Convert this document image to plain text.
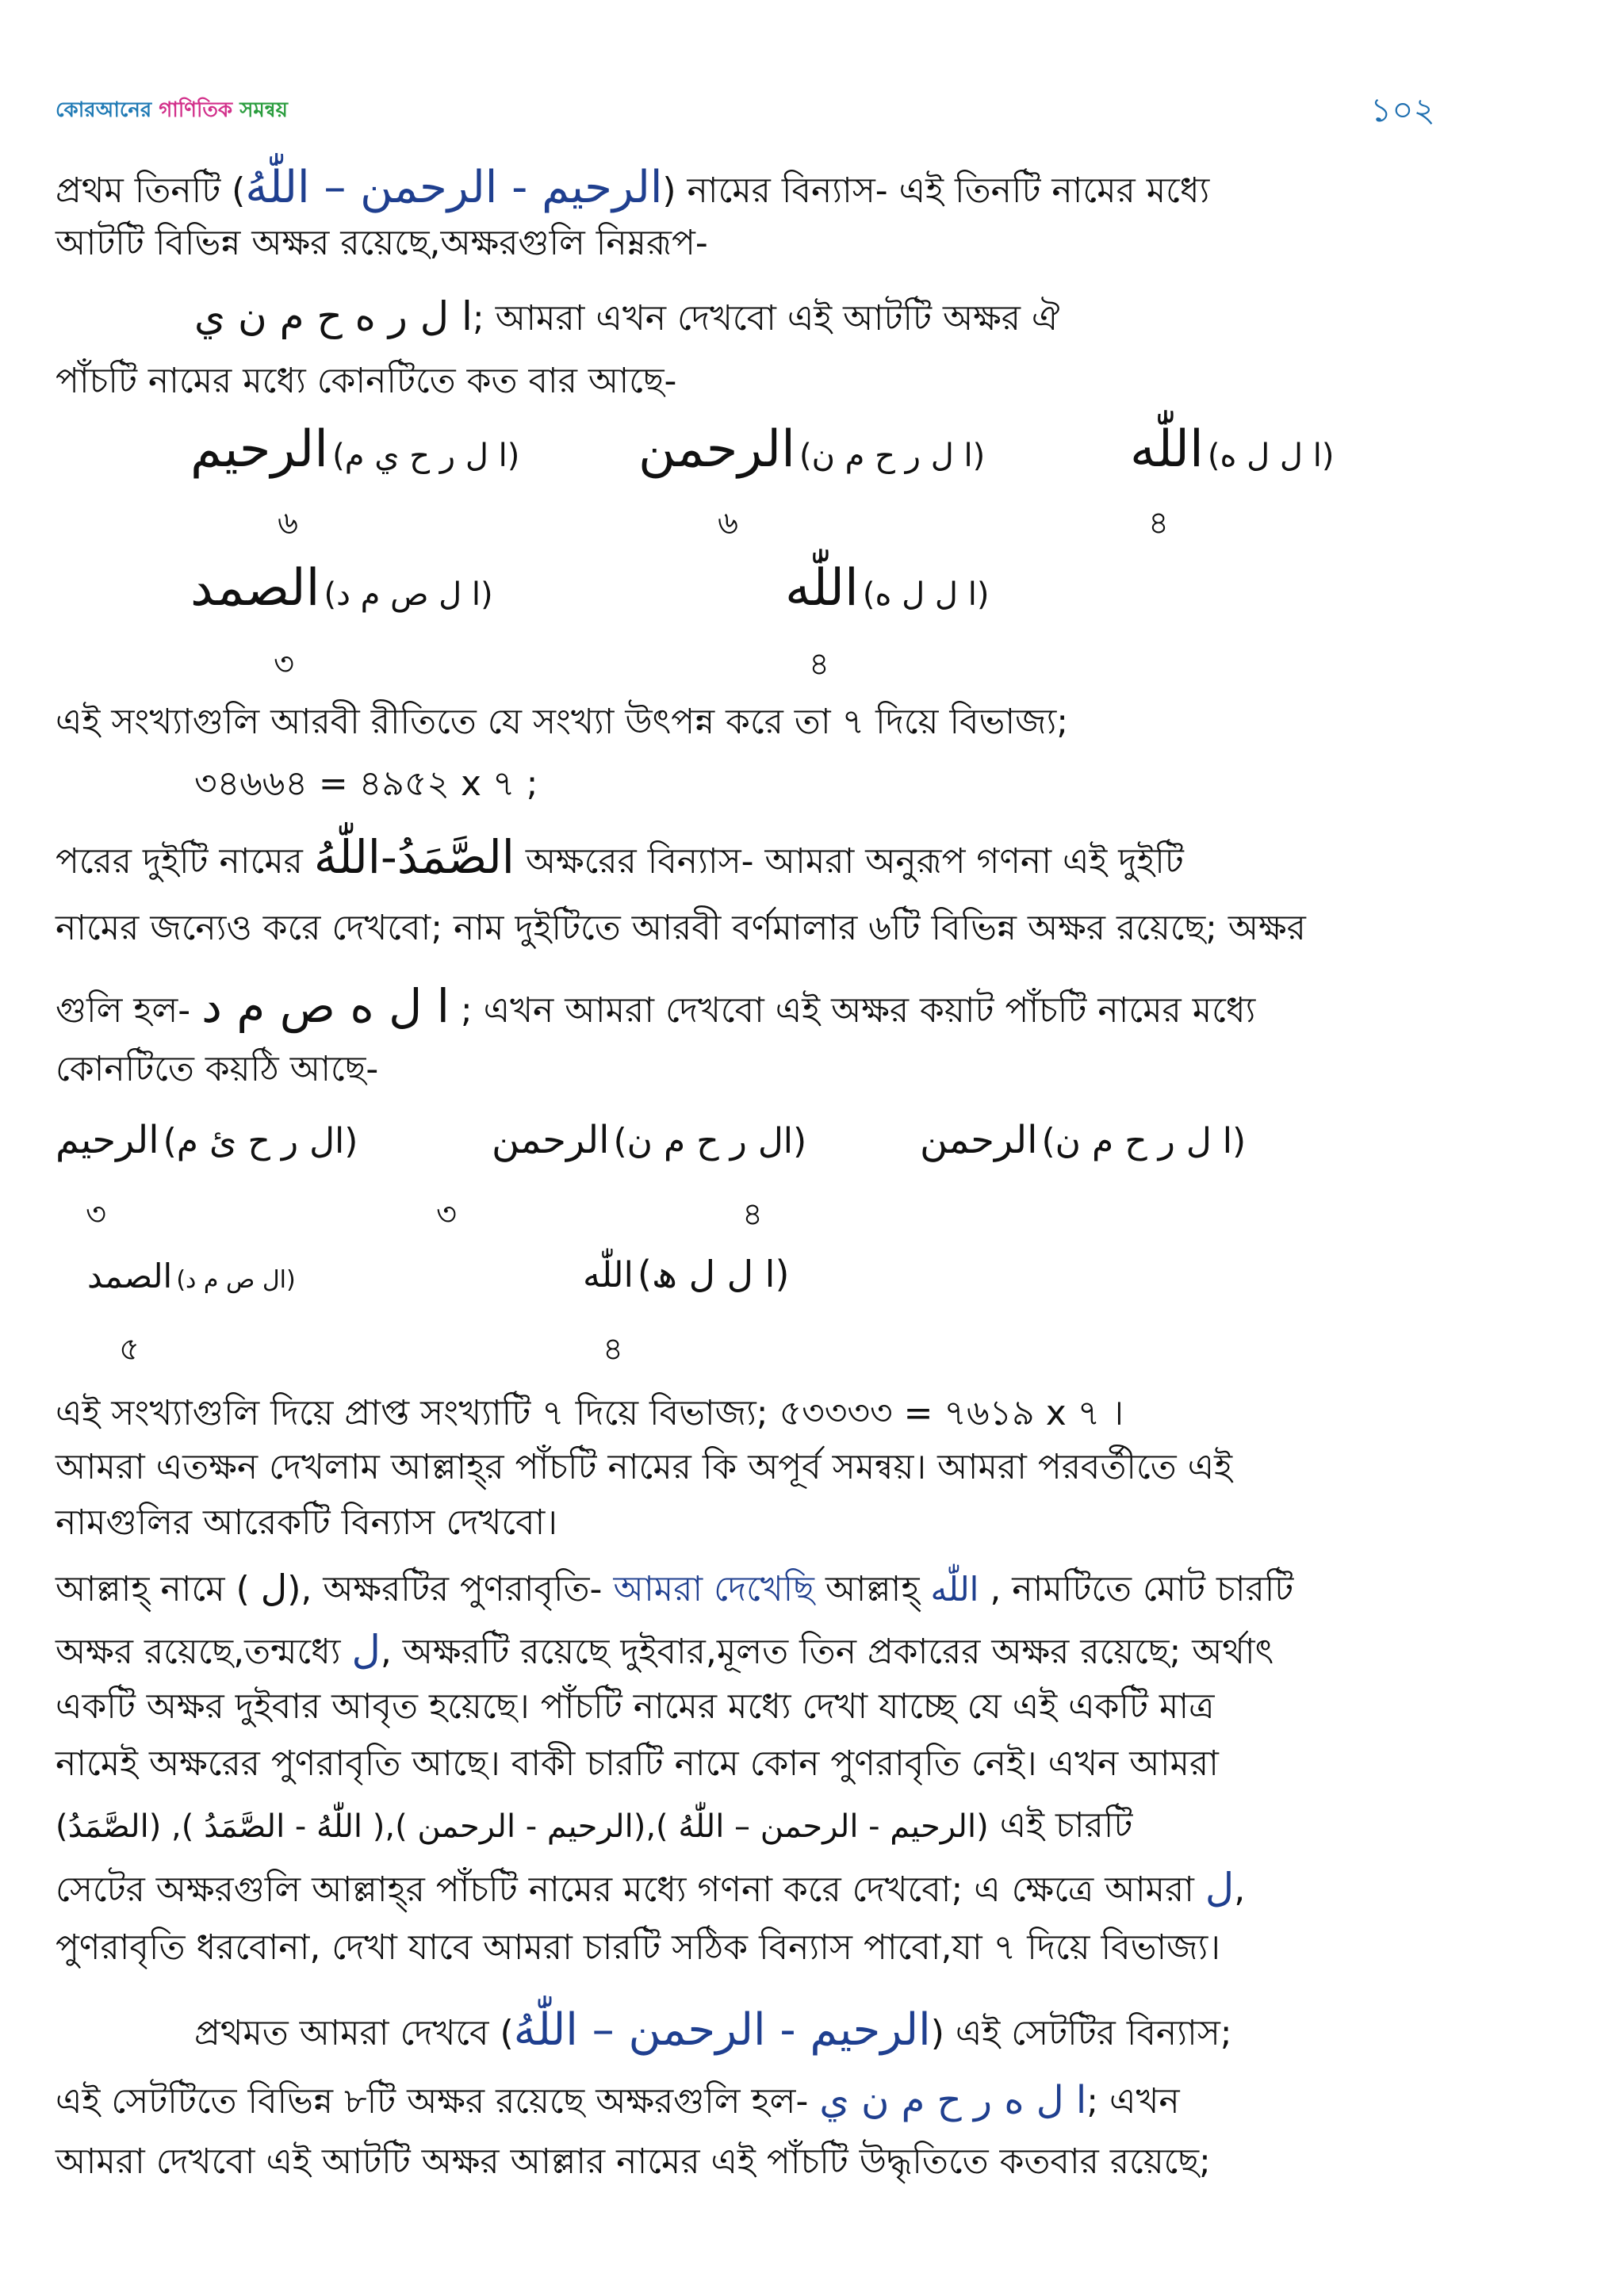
কোরআনের গাণিতিক সমন্বয়	১০২
প্রথম তিনটি (الرحيم - الرحمن – اللّٰهُ) নামের বিন্যাস- এই তিনটি নামের মধ্যে
আটটি বিভিন্ন অক্ষর রয়েছে,অক্ষরগুলি নিম্নরূপ-
ا ل ر ه ح م ن ي; আমরা এখন দেখবো এই আটটি অক্ষর ঐ
পাঁচটি নামের মধ্যে কোনটিতে কত বার আছে-
الرحيم (ا ل ر ح ي م)
৬
الرحمن (ا ل ر ح م ن)
৬
اللّٰه (ا ل ل ه)
৪
الصمد (ا ل ص م د)
৩
اللّٰه (ا ل ل ه)
৪
এই সংখ্যাগুলি আরবী রীতিতে যে সংখ্যা উৎপন্ন করে তা ৭ দিয়ে বিভাজ্য;
৩৪৬৬৪ = ৪৯৫২ x ৭ ;
পরের দুইটি নামের الصَّمَدُ-اللّٰهُ অক্ষরের বিন্যাস- আমরা অনুরূপ গণনা এই দুইটি
নামের জন্যেও করে দেখবো; নাম দুইটিতে আরবী বর্ণমালার ৬টি বিভিন্ন অক্ষর রয়েছে; অক্ষর
গুলি হল- ا ل ه ص م د ; এখন আমরা দেখবো এই অক্ষর কয়াট পাঁচটি নামের মধ্যে
কোনটিতে কয়ঠি আছে-
الرحيم (ال ر ح ئ م)
৩
الرحمن (ال ر ح م ن)
৩
الرحمن (ا ل ر ح م ن)
৪
الصمد (ال ص م د)
৫
اللّٰه (ا ل ل ھ)
৪
এই সংখ্যাগুলি দিয়ে প্রাপ্ত সংখ্যাটি ৭ দিয়ে বিভাজ্য; ৫৩৩৩৩ = ৭৬১৯ x ৭ ।
আমরা এতক্ষন দেখলাম আল্লাহ্‌র পাঁচটি নামের কি অপূর্ব সমন্বয়। আমরা পরবর্তীতে এই
নামগুলির আরেকটি বিন্যাস দেখবো।
আল্লাহ্‌ নামে ( ل), অক্ষরটির পুণরাবৃতি- আমরা দেখেছি আল্লাহ্‌ اللّٰه , নামটিতে মোট চারটি
অক্ষর রয়েছে,তন্মধ্যে ل, অক্ষরটি রয়েছে দুইবার,মূলত তিন প্রকারের অক্ষর রয়েছে; অর্থাৎ
একটি অক্ষর দুইবার আবৃত হয়েছে। পাঁচটি নামের মধ্যে দেখা যাচ্ছে যে এই একটি মাত্র
নামেই অক্ষরের পুণরাবৃতি আছে। বাকী চারটি নামে কোন পুণরাবৃতি নেই। এখন আমরা
(الرحيم - الرحمن – اللّٰهُ ),(الرحيم - الرحمن ),( اللّٰهُ - الصَّمَدُ ), (الصَّمَدُ) এই চারটি
সেটের অক্ষরগুলি আল্লাহ্‌র পাঁচটি নামের মধ্যে গণনা করে দেখবো; এ ক্ষেত্রে আমরা ل,
পুণরাবৃতি ধরবোনা, দেখা যাবে আমরা চারটি সঠিক বিন্যাস পাবো,যা ৭ দিয়ে বিভাজ্য।
প্রথমত আমরা দেখবে (الرحيم - الرحمن – اللّٰهُ) এই সেটটির বিন্যাস;
এই সেটটিতে বিভিন্ন ৮টি অক্ষর রয়েছে অক্ষরগুলি হল- ا ل ه ر ح م ن ي; এখন
আমরা দেখবো এই আটটি অক্ষর আল্লার নামের এই পাঁচটি উদ্ধৃতিতে কতবার রয়েছে;
